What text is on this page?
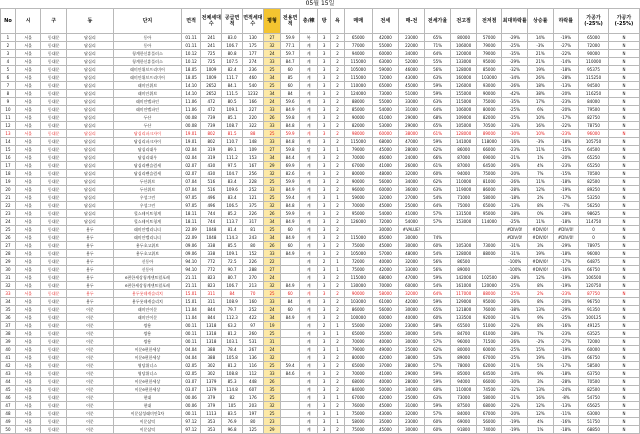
05월 15일
No	시	구	동	단지	면적	전체세대수	공급면적	면적세대수	평형	전용면적	층/棟	방	욕	매매	전세	매-전	전세가율	전고점	전저점	최대하락률	상승률	하락률	가공가(-25%)	가공가(-25%)
1	서울	동대문	답십리	동아	01.11	241	83.0	130	27	59.9	복	3	2	65000	42000	23000	65%	80000	57000	-29%	14%	-19%	65000	N
2	서울	동대문	답십리	동아	01.11	241	106.7	175	32	77.1	계	3	2	77000	55000	22000	71%	106000	79000	-25%	-3%	-27%	72000	N
3	서울	동대문	답십리	청계한신휴플러스	10.12	725	80.8	177	24	59.7	계	3	2	94000	60000	34000	64%	120000	79000	-35%	21%	-22%	90000	N
4	서울	동대문	답십리	청계한신휴플러스	10.12	725	107.5	274	33	84.7	계	3	2	115000	63000	52000	55%	133000	95000	-29%	21%	-14%	110000	N
5	서울	동대문	답십리	래미안위브프리미어	18.05	1009	82.4	236	25	60	계	3	2	105000	59000	46000	56%	128000	85000	-32%	19%	-18%	95375	N
6	서울	동대문	답십리	래미안위브프리미어	18.05	1009	111.7	460	34	85	계	3	2	115000	72000	43000	63%	160000	103000	-34%	26%	-28%	115250	N
7	서울	동대문	답십리	래미안위브	14.10	2652	84.1	540	25	60	계	3	2	110000	65000	45000	59%	126000	93000	-26%	18%	-13%	94500	N
8	서울	동대문	답십리	래미안위브	14.10	2652	111.5	1232	34	84	계	3	2	124000	73000	51000	59%	155000	90000	-42%	38%	-20%	116250	N
9	서울	동대문	답십리	래미안엘파인	11.06	472	80.5	166	24	59.6	계	3	2	88000	55000	33000	63%	115000	75000	-35%	17%	-23%	84000	N
10	서울	동대문	답십리	래미안엘파인	11.06	472	109.1	227	33	84.9	계	3	2	85000	54000	31000	64%	106000	80000	-25%	6%	-20%	79500	N
11	서울	동대문	답십리	두산	00.08	739	85.1	220	26	59.8	계	3	2	90000	61000	29000	68%	109000	82000	-25%	10%	-17%	82750	N
12	서울	동대문	답십리	두산	00.08	739	108.7	322	33	84.8	계	3	2	82000	53000	29000	65%	105000	70500	-33%	16%	-22%	78750	N
13	서울	동대문	답십리	답십리파크자이	19.01	802	81.5	88	25	59.9	계	3	2	98000	60000	38000	61%	128000	89000	-30%	10%	-23%	96000	N
14	서울	동대문	답십리	답십리파크자이	19.01	802	110.7	148	33	84.8	계	3	2	115000	68000	47000	59%	141000	118000	-16%	-3%	-18%	105750	N
15	서울	동대문	답십리	답십리대우	02.04	319	89.1	109	27	59.8	탑	3	1	79000	45000	28000	62%	86000	66000	-23%	11%	-15%	64500	N
16	서울	동대문	답십리	답십리대우	02.04	319	111.2	153	34	84.4	계	3	2	70000	46000	24000	66%	87000	69000	-21%	1%	-20%	65250	N
17	서울	동대문	답십리	답십리펜슬럼세	02.07	430	97.5	167	29	69.9	계	3	2	67000	41000	26000	61%	87000	64500	-26%	4%	-23%	65250	N
18	서울	동대문	답십리	답십리펜슬럼세	02.07	430	104.7	256	32	82.6	계	3	2	80000	48000	32000	60%	94000	75000	-20%	7%	-15%	70500	N
19	서울	동대문	답십리	두산위브	07.04	516	83.4	228	25	59.9	계	3	2	90000	56000	34000	62%	110000	81000	-26%	11%	-18%	82500	N
20	서울	동대문	답십리	두산위브	07.04	516	109.6	252	33	84.9	계	3	2	96000	60000	36000	63%	119000	86000	-28%	12%	-19%	89250	N
21	서울	동대문	답십리	우성그린	97.05	496	83.4	121	25	59.4	계	3	1	59000	32000	27000	54%	71000	58000	-18%	2%	-17%	53250	N
22	서울	동대문	답십리	우성그린	97.05	496	106.5	375	32	84.8	계	3	2	70000	45000	25000	64%	75000	65000	-13%	8%	-7%	56250	N
23	서울	동대문	답십리	힐스테이트청계	18.11	744	85.2	226	26	59.9	계	3	2	95000	54000	41000	57%	131500	95000	-28%	0%	-28%	98625	N
24	서울	동대문	답십리	힐스테이트청계	18.11	744	113.7	317	34	84.9	계	3	2	126000	72000	54000	57%	153000	114000	-25%	11%	-18%	114750	N
25	서울	동대문	용두	래미안엘리니티	22.09	1048	81.4	81	25	60	계	3	2		30000	#VALUE!				#DIV/0!	#DIV/0!	#DIV/0!	0	N
26	서울	동대문	용두	래미안엘리니티	22.09	1048	114.3	243	34	84.9	계	3	2	115000	85000	30000	74%			#DIV/0!	#DIV/0!	#DIV/0!	0	N
27	서울	동대문	용두	용두초고위브	09.06	338	85.5	80	26	60	계	3	2	75000	45000	30000	60%	105300	73000	-31%	3%	-29%	78975	N
28	서울	동대문	용두	용두초고위브	09.06	338	109.1	152	33	84.9	계	3	2	105000	57000	48000	54%	128000	88000	-31%	19%	-18%	96000	N
29	서울	동대문	용두	신동아	94.10	772	72.5	226	22		계	2	1	72000	40000	32000	56%	86500		-100%	#DIV/0!	-17%	64875	N
30	서울	동대문	용두	신동아	94.10	772	90.7	288	27		계	3	1	75000	42000	33000	56%	89000		-100%	#DIV/0!	-16%	66750	N
31	서울	동대문	용두	e편한세상청계센트럴포레	21.11	823	80.7	270	24		계	3	2	115000	68000	47000	59%	142000	102500	-28%	12%	-19%	106500	N
32	서울	동대문	용두	e편한세상청계센트럴포레	21.11	823	106.7	213	32	84.9	계	3	2	130000	70000	60000	54%	161000	120000	-25%	8%	-19%	120750	N
33	서울	동대문	용두	용두롯데캐슬리치	15.01	311	84	70	25	60	계	3	2	90000	58000	32000	64%	117000	88000	-25%	2%	-23%	87750	N
34	서울	동대문	용두	용두롯데캐슬리치	15.01	311	108.9	160	33	84	계	3	2	103000	61000	42000	59%	129000	95000	-26%	8%	-20%	96750	N
35	서울	동대문	이문	래미안이문	11.04	844	79.7	252	24	60	계	3	2	86000	56000	30000	65%	121800	76000	-38%	13%	-29%	91350	N
36	서울	동대문	이문	래미안이문	11.04	844	112.3	422	34	84.9	계	3	2	100000	60000	40000	60%	133500	92000	-31%	9%	-25%	100125	N
37	서울	동대문	이문	쌍용	00.11	1318	63.2	97	19		계	2	1	55000	32000	23000	58%	65500	51000	-22%	8%	-16%	49125	N
38	서울	동대문	이문	쌍용	00.11	1318	81.2	260	25		계	3	1	65000	35000	30000	54%	84700	61000	-28%	7%	-23%	63525	N
39	서울	동대문	이문	쌍용	00.11	1318	103.1	531	31		계	3	2	70000	40000	30000	57%	96000	71500	-26%	-2%	-27%	72000	N
40	서울	동대문	이문	이문e편한세상	04.04	388	78.4	267	24		계	3	1	79000	49000	25000	62%	80000	60000	-25%	15%	-19%	60000	N
41	서울	동대문	이문	이문e편한세상	04.04	388	105.8	136	32		계	3	2	80000	42000	38000	53%	89000	67000	-25%	19%	-10%	66750	N
42	서울	동대문	이문	영당위너스	02.05	302	81.2	116	25	59.4	계	3	2	65000	37000	28000	57%	78000	62000	-21%	5%	-17%	58500	N
43	서울	동대문	이문	영당위너스	02.05	302	108.8	112	33	84.6	계	3	2	70000	41000	29000	59%	85000	64500	-24%	9%	-18%	63750	N
44	서울	동대문	이문	이문e편한세상	03.07	1379	85.3	448	26		계	3	2	68000	40000	28000	59%	94000	66000	-30%	3%	-28%	70500	N
45	서울	동대문	이문	이문e편한세상	03.07	1379	114.8	607	35		계	3	2	84000	50000	34000	60%	110000	74500	-32%	13%	-24%	82500	N
46	서울	동대문	이문	현대	00.06	379	82	176	25		계	3	1	67000	42000	25000	63%	73000	58000	-21%	16%	-8%	54750	N
47	서울	동대문	이문	현대	00.06	379	105	203	32		계	3	2	76000	45000	31000	59%	87500	68000	-22%	12%	-13%	65625	N
48	서울	동대문	이문	이문삼성래미안1차	00.11	1113	83.5	197	25		계	3	1	75000	43000	32000	57%	84000	67000	-20%	12%	-11%	63000	N
49	서울	동대문	이문	이문삼익	97.12	353	76.9	80	23		계	3	1	58000	35000	23000	60%	69000	56000	-19%	4%	-16%	51750	N
50	서울	동대문	이문	이문삼익	97.12	353	96.8	125	29		계	3	2	75000	45000	30000	60%	91800	74000	-19%	1%	-18%	68850	N
